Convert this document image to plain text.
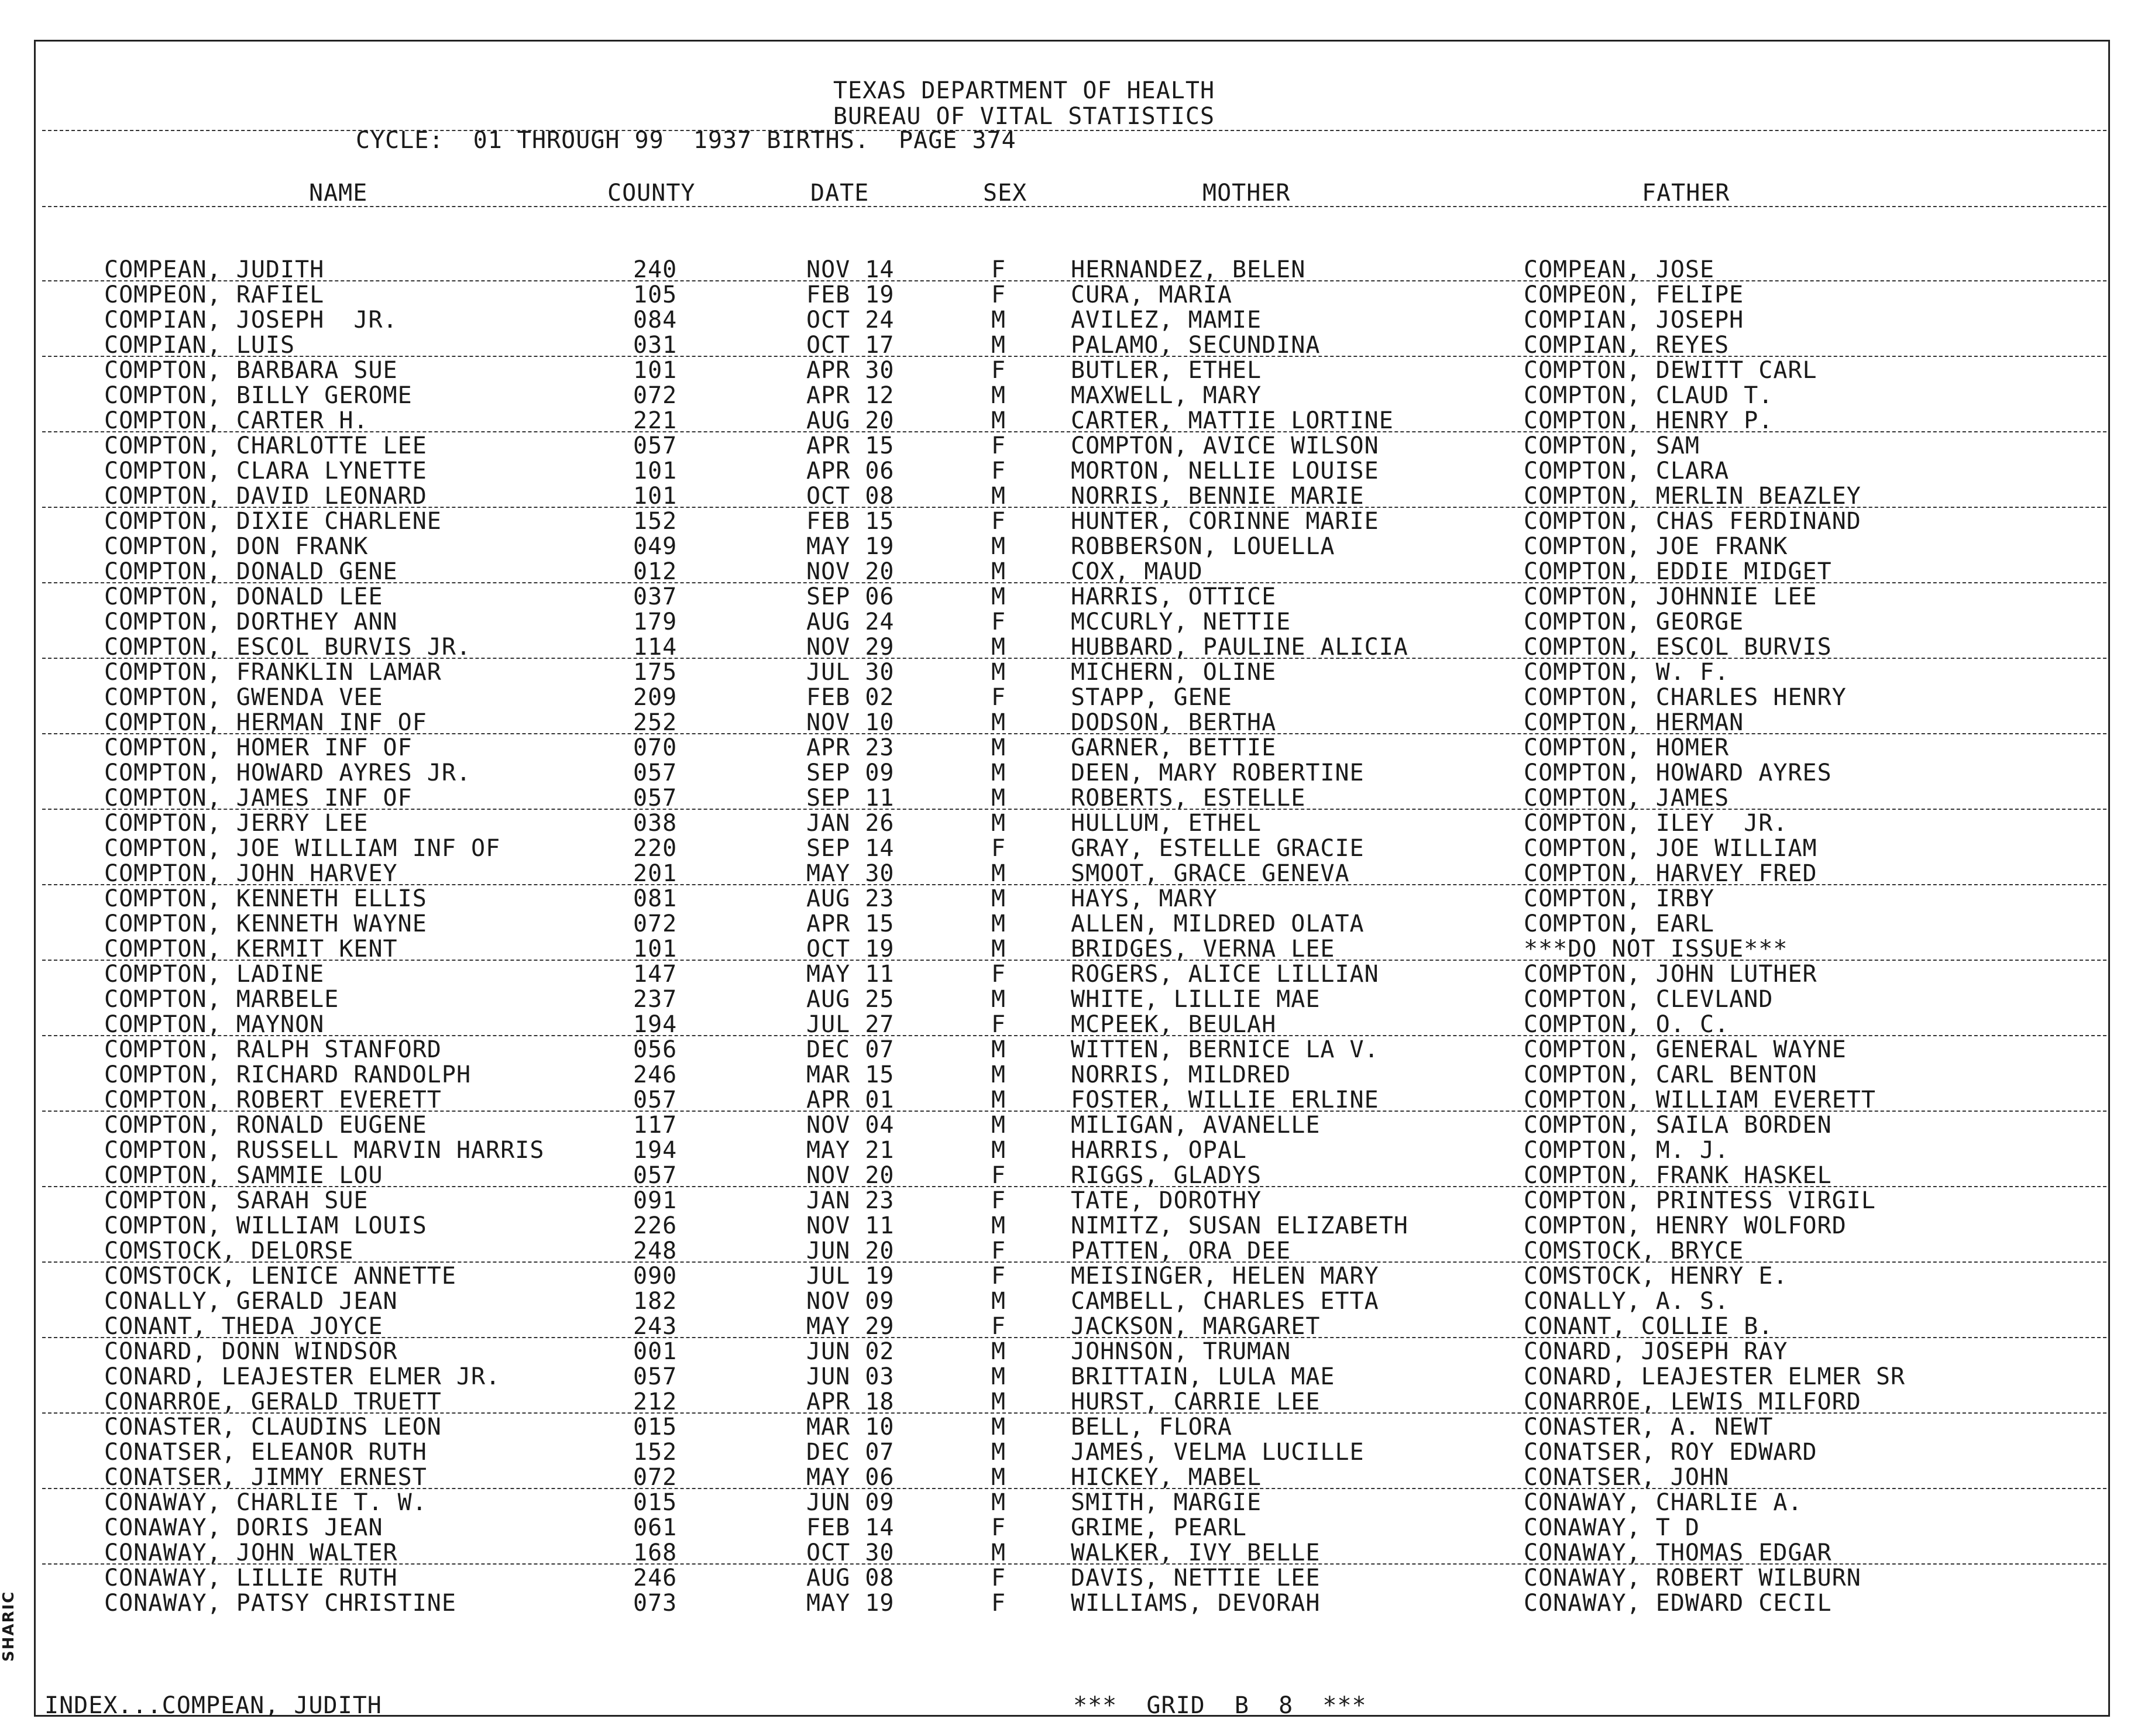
TEXAS DEPARTMENT OF HEALTH
BUREAU OF VITAL STATISTICS
CYCLE:  01 THROUGH 99  1937 BIRTHS.  PAGE 374
NAME	COUNTY	DATE	SEX	MOTHER	FATHER
COMPEAN, JUDITH	240	NOV 14	F	HERNANDEZ, BELEN	COMPEAN, JOSE
COMPEON, RAFIEL	105	FEB 19	F	CURA, MARIA	COMPEON, FELIPE
COMPIAN, JOSEPH  JR.	084	OCT 24	M	AVILEZ, MAMIE	COMPIAN, JOSEPH
COMPIAN, LUIS	031	OCT 17	M	PALAMO, SECUNDINA	COMPIAN, REYES
COMPTON, BARBARA SUE	101	APR 30	F	BUTLER, ETHEL	COMPTON, DEWITT CARL
COMPTON, BILLY GEROME	072	APR 12	M	MAXWELL, MARY	COMPTON, CLAUD T.
COMPTON, CARTER H.	221	AUG 20	M	CARTER, MATTIE LORTINE	COMPTON, HENRY P.
COMPTON, CHARLOTTE LEE	057	APR 15	F	COMPTON, AVICE WILSON	COMPTON, SAM
COMPTON, CLARA LYNETTE	101	APR 06	F	MORTON, NELLIE LOUISE	COMPTON, CLARA
COMPTON, DAVID LEONARD	101	OCT 08	M	NORRIS, BENNIE MARIE	COMPTON, MERLIN BEAZLEY
COMPTON, DIXIE CHARLENE	152	FEB 15	F	HUNTER, CORINNE MARIE	COMPTON, CHAS FERDINAND
COMPTON, DON FRANK	049	MAY 19	M	ROBBERSON, LOUELLA	COMPTON, JOE FRANK
COMPTON, DONALD GENE	012	NOV 20	M	COX, MAUD	COMPTON, EDDIE MIDGET
COMPTON, DONALD LEE	037	SEP 06	M	HARRIS, OTTICE	COMPTON, JOHNNIE LEE
COMPTON, DORTHEY ANN	179	AUG 24	F	MCCURLY, NETTIE	COMPTON, GEORGE
COMPTON, ESCOL BURVIS JR.	114	NOV 29	M	HUBBARD, PAULINE ALICIA	COMPTON, ESCOL BURVIS
COMPTON, FRANKLIN LAMAR	175	JUL 30	M	MICHERN, OLINE	COMPTON, W. F.
COMPTON, GWENDA VEE	209	FEB 02	F	STAPP, GENE	COMPTON, CHARLES HENRY
COMPTON, HERMAN INF OF	252	NOV 10	M	DODSON, BERTHA	COMPTON, HERMAN
COMPTON, HOMER INF OF	070	APR 23	M	GARNER, BETTIE	COMPTON, HOMER
COMPTON, HOWARD AYRES JR.	057	SEP 09	M	DEEN, MARY ROBERTINE	COMPTON, HOWARD AYRES
COMPTON, JAMES INF OF	057	SEP 11	M	ROBERTS, ESTELLE	COMPTON, JAMES
COMPTON, JERRY LEE	038	JAN 26	M	HULLUM, ETHEL	COMPTON, ILEY  JR.
COMPTON, JOE WILLIAM INF OF	220	SEP 14	F	GRAY, ESTELLE GRACIE	COMPTON, JOE WILLIAM
COMPTON, JOHN HARVEY	201	MAY 30	M	SMOOT, GRACE GENEVA	COMPTON, HARVEY FRED
COMPTON, KENNETH ELLIS	081	AUG 23	M	HAYS, MARY	COMPTON, IRBY
COMPTON, KENNETH WAYNE	072	APR 15	M	ALLEN, MILDRED OLATA	COMPTON, EARL
COMPTON, KERMIT KENT	101	OCT 19	M	BRIDGES, VERNA LEE	***DO NOT ISSUE***
COMPTON, LADINE	147	MAY 11	F	ROGERS, ALICE LILLIAN	COMPTON, JOHN LUTHER
COMPTON, MARBELE	237	AUG 25	M	WHITE, LILLIE MAE	COMPTON, CLEVLAND
COMPTON, MAYNON	194	JUL 27	F	MCPEEK, BEULAH	COMPTON, O. C.
COMPTON, RALPH STANFORD	056	DEC 07	M	WITTEN, BERNICE LA V.	COMPTON, GENERAL WAYNE
COMPTON, RICHARD RANDOLPH	246	MAR 15	M	NORRIS, MILDRED	COMPTON, CARL BENTON
COMPTON, ROBERT EVERETT	057	APR 01	M	FOSTER, WILLIE ERLINE	COMPTON, WILLIAM EVERETT
COMPTON, RONALD EUGENE	117	NOV 04	M	MILIGAN, AVANELLE	COMPTON, SAILA BORDEN
COMPTON, RUSSELL MARVIN HARRIS	194	MAY 21	M	HARRIS, OPAL	COMPTON, M. J.
COMPTON, SAMMIE LOU	057	NOV 20	F	RIGGS, GLADYS	COMPTON, FRANK HASKEL
COMPTON, SARAH SUE	091	JAN 23	F	TATE, DOROTHY	COMPTON, PRINTESS VIRGIL
COMPTON, WILLIAM LOUIS	226	NOV 11	M	NIMITZ, SUSAN ELIZABETH	COMPTON, HENRY WOLFORD
COMSTOCK, DELORSE	248	JUN 20	F	PATTEN, ORA DEE	COMSTOCK, BRYCE
COMSTOCK, LENICE ANNETTE	090	JUL 19	F	MEISINGER, HELEN MARY	COMSTOCK, HENRY E.
CONALLY, GERALD JEAN	182	NOV 09	M	CAMBELL, CHARLES ETTA	CONALLY, A. S.
CONANT, THEDA JOYCE	243	MAY 29	F	JACKSON, MARGARET	CONANT, COLLIE B.
CONARD, DONN WINDSOR	001	JUN 02	M	JOHNSON, TRUMAN	CONARD, JOSEPH RAY
CONARD, LEAJESTER ELMER JR.	057	JUN 03	M	BRITTAIN, LULA MAE	CONARD, LEAJESTER ELMER SR
CONARROE, GERALD TRUETT	212	APR 18	M	HURST, CARRIE LEE	CONARROE, LEWIS MILFORD
CONASTER, CLAUDINS LEON	015	MAR 10	M	BELL, FLORA	CONASTER, A. NEWT
CONATSER, ELEANOR RUTH	152	DEC 07	M	JAMES, VELMA LUCILLE	CONATSER, ROY EDWARD
CONATSER, JIMMY ERNEST	072	MAY 06	M	HICKEY, MABEL	CONATSER, JOHN
CONAWAY, CHARLIE T. W.	015	JUN 09	M	SMITH, MARGIE	CONAWAY, CHARLIE A.
CONAWAY, DORIS JEAN	061	FEB 14	F	GRIME, PEARL	CONAWAY, T D
CONAWAY, JOHN WALTER	168	OCT 30	M	WALKER, IVY BELLE	CONAWAY, THOMAS EDGAR
CONAWAY, LILLIE RUTH	246	AUG 08	F	DAVIS, NETTIE LEE	CONAWAY, ROBERT WILBURN
CONAWAY, PATSY CHRISTINE	073	MAY 19	F	WILLIAMS, DEVORAH	CONAWAY, EDWARD CECIL
INDEX...COMPEAN, JUDITH	***  GRID  B  8  ***
SHARIC
